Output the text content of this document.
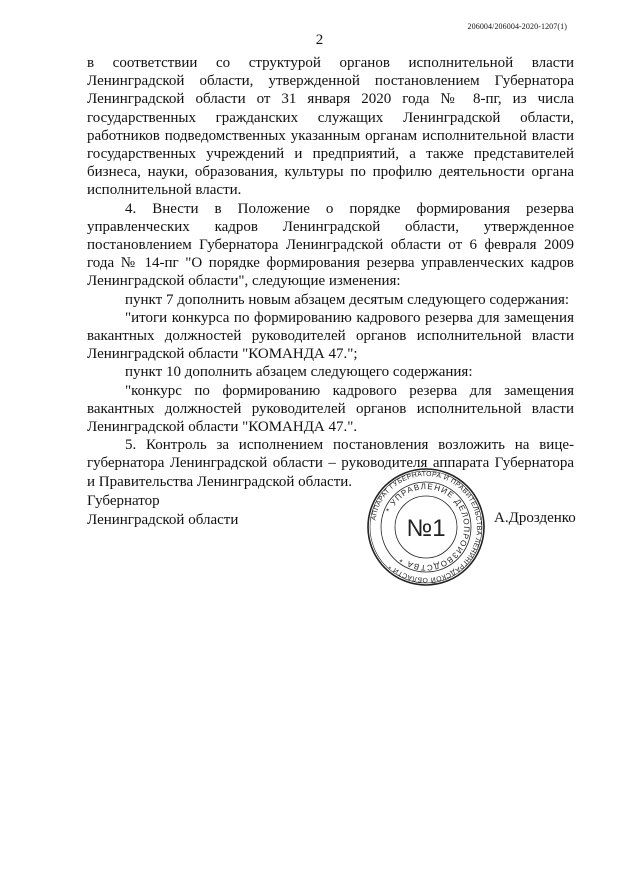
206004/206004-2020-1207(1)
2

в соответствии со структурой органов исполнительной власти Ленинградской области, утвержденной постановлением Губернатора Ленинградской области от 31 января 2020 года № 8-пг, из числа государственных гражданских служащих Ленинградской области, работников подведомственных указанным органам исполнительной власти государственных учреждений и предприятий, а также представителей бизнеса, науки, образования, культуры по профилю деятельности органа исполнительной власти.

4. Внести в Положение о порядке формирования резерва управленческих кадров Ленинградской области, утвержденное постановлением Губернатора Ленинградской области от 6 февраля 2009 года № 14-пг "О порядке формирования резерва управленческих кадров Ленинградской области", следующие изменения:

пункт 7 дополнить новым абзацем десятым следующего содержания:

"итоги конкурса по формированию кадрового резерва для замещения вакантных должностей руководителей органов исполнительной власти Ленинградской области "КОМАНДА 47.";

пункт 10 дополнить абзацем следующего содержания:

"конкурс по формированию кадрового резерва для замещения вакантных должностей руководителей органов исполнительной власти Ленинградской области "КОМАНДА 47.".

5. Контроль за исполнением постановления возложить на вице-губернатора Ленинградской области – руководителя аппарата Губернатора и Правительства Ленинградской области.

Губернатор
Ленинградской области	АППАРАТ ГУБЕРНАТОРА И ПРАВИТЕЛЬСТВА ЛЕНИНГРАДСКОЙ ОБЛАСТИ *
* УПРАВЛЕНИЕ ДЕЛОПРОИЗВОДСТВА *
№1	А.Дрозденко
